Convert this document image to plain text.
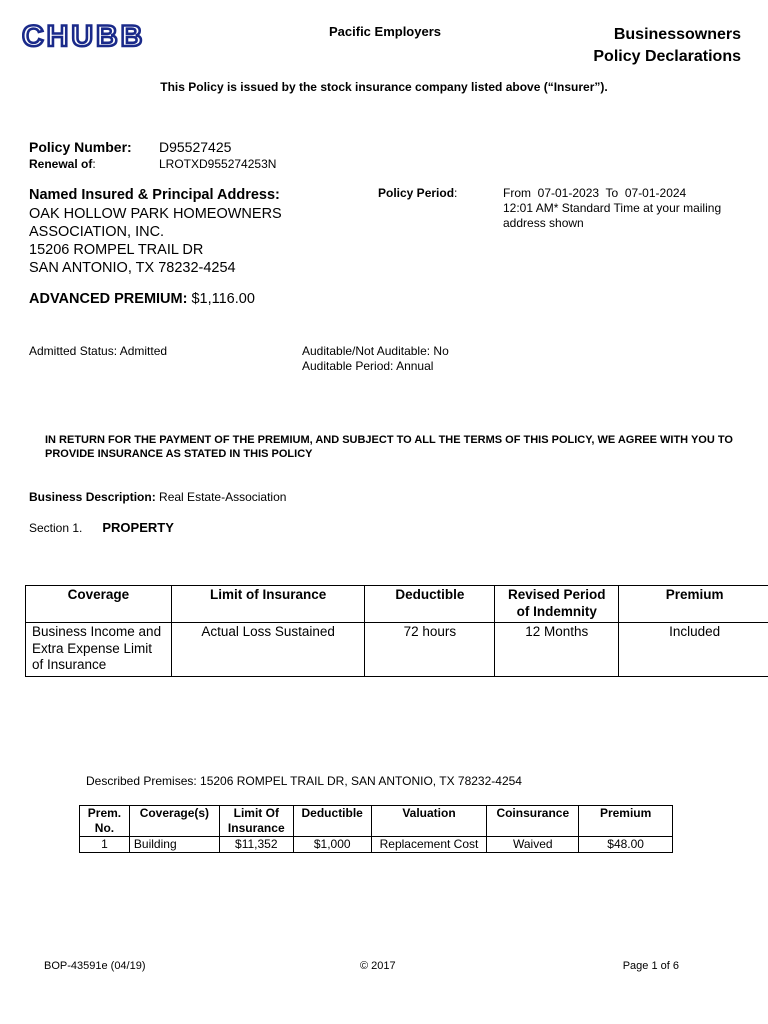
CHUBB	Pacific Employers	Businessowners
Policy Declarations
This Policy is issued by the stock insurance company listed above (“Insurer”).
Policy Number: D95527425
Renewal of:	LROTXD955274253N
Named Insured & Principal Address:
OAK HOLLOW PARK HOMEOWNERS
ASSOCIATION, INC.
15206 ROMPEL TRAIL DR
SAN ANTONIO, TX 78232-4254
Policy Period:	From  07-01-2023  To  07-01-2024
12:01 AM* Standard Time at your mailing address shown
ADVANCED PREMIUM: $1,116.00
Admitted Status: Admitted	Auditable/Not Auditable: No
Auditable Period: Annual
IN RETURN FOR THE PAYMENT OF THE PREMIUM, AND SUBJECT TO ALL THE TERMS OF THIS POLICY, WE AGREE WITH YOU TO PROVIDE INSURANCE AS STATED IN THIS POLICY
Business Description: Real Estate-Association
Section 1. PROPERTY
Coverage	Limit of Insurance	Deductible	Revised Period of Indemnity	Premium
Business Income and Extra Expense Limit of Insurance	Actual Loss Sustained	72 hours	12 Months	Included
Described Premises: 15206 ROMPEL TRAIL DR, SAN ANTONIO, TX 78232-4254
Prem. No.	Coverage(s)	Limit Of Insurance	Deductible	Valuation	Coinsurance	Premium
1	Building	$11,352	$1,000	Replacement Cost	Waived	$48.00
BOP-43591e (04/19)	© 2017	Page 1 of 6
